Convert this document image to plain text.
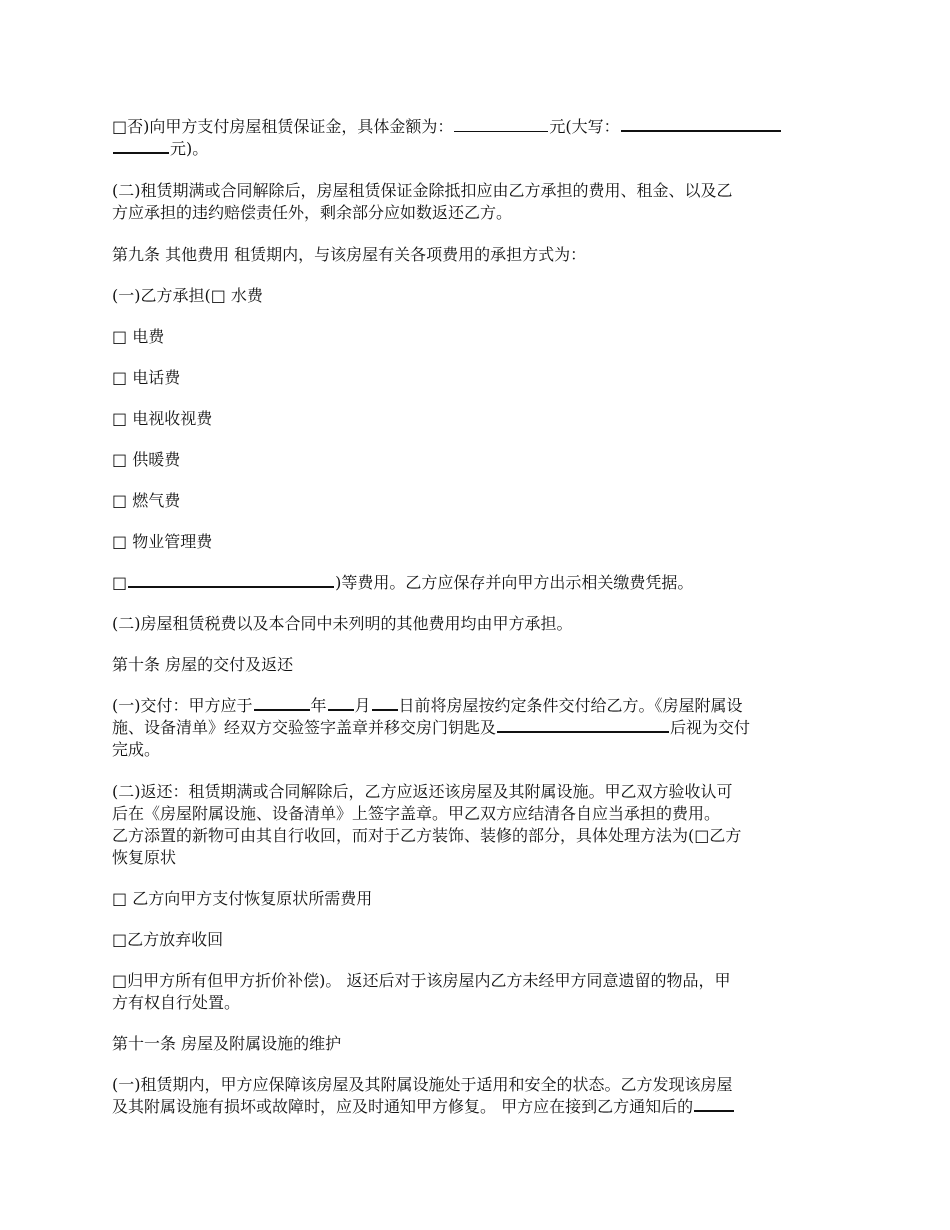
□否)向甲方支付房屋租赁保证金，具体金额为：	元(大写：

元)。

(二)租赁期满或合同解除后，房屋租赁保证金除抵扣应由乙方承担的费用、租金、以及乙

方应承担的违约赔偿责任外，剩余部分应如数返还乙方。

第九条 其他费用 租赁期内，与该房屋有关各项费用的承担方式为：

(一)乙方承担(□ 水费

□ 电费

□ 电话费

□ 电视收视费

□ 供暖费

□ 燃气费

□ 物业管理费

□	)等费用。乙方应保存并向甲方出示相关缴费凭据。

(二)房屋租赁税费以及本合同中未列明的其他费用均由甲方承担。

第十条 房屋的交付及返还

(一)交付：甲方应于	年 月 日前将房屋按约定条件交付给乙方。《房屋附属设

施、设备清单》经双方交验签字盖章并移交房门钥匙及	后视为交付

完成。

(二)返还：租赁期满或合同解除后，乙方应返还该房屋及其附属设施。甲乙双方验收认可

后在《房屋附属设施、设备清单》上签字盖章。甲乙双方应结清各自应当承担的费用。

乙方添置的新物可由其自行收回，而对于乙方装饰、装修的部分，具体处理方法为(□乙方

恢复原状

□ 乙方向甲方支付恢复原状所需费用

□乙方放弃收回

□归甲方所有但甲方折价补偿)。 返还后对于该房屋内乙方未经甲方同意遗留的物品，甲

方有权自行处置。

第十一条 房屋及附属设施的维护

(一)租赁期内，甲方应保障该房屋及其附属设施处于适用和安全的状态。乙方发现该房屋

及其附属设施有损坏或故障时，应及时通知甲方修复。 甲方应在接到乙方通知后的
